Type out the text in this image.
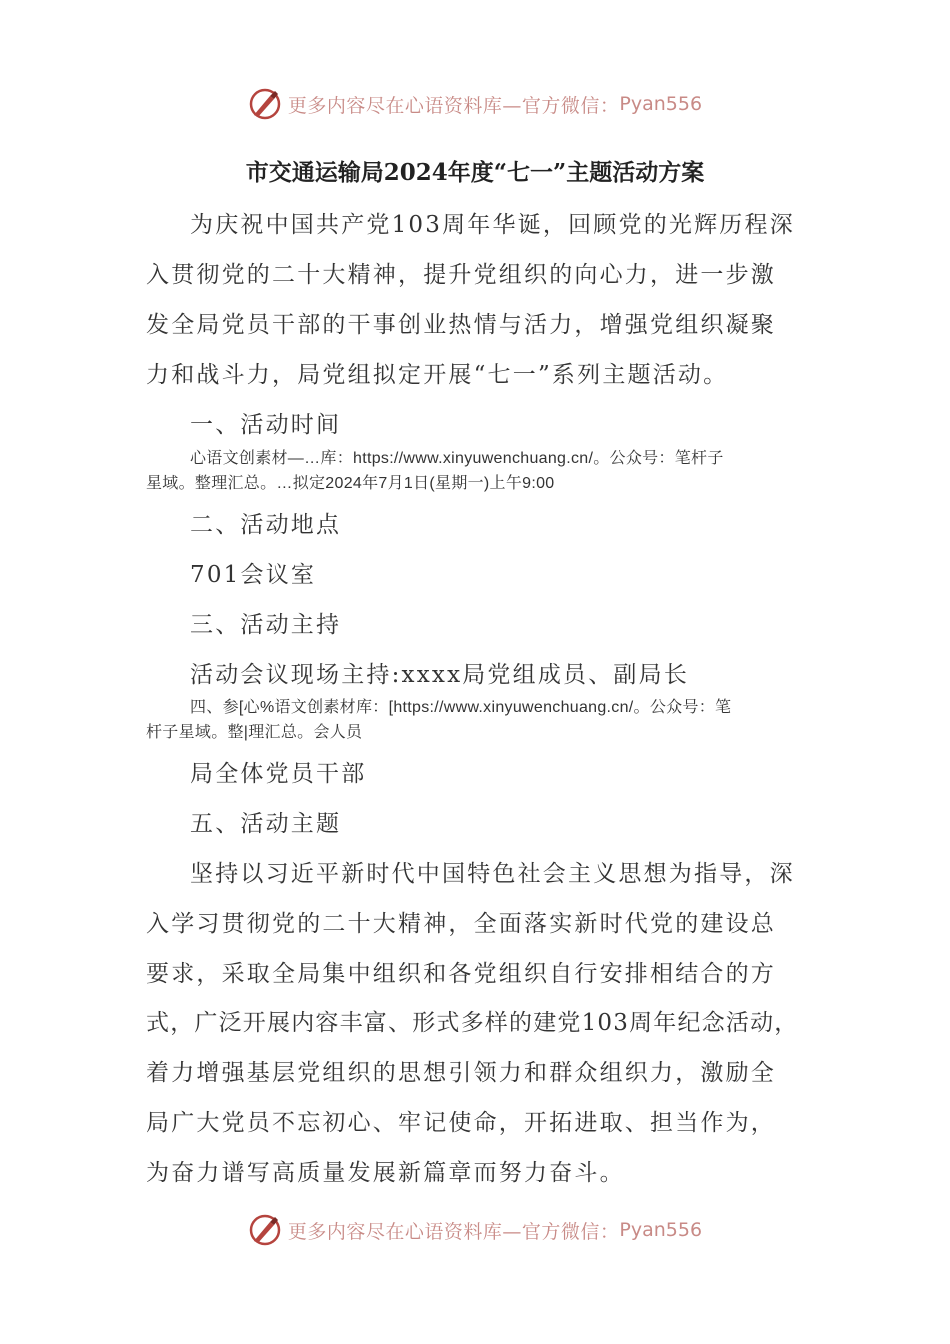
更多内容尽在心语资料库—官方微信： Pyan556
市交通运输局2024年度“七一”主题活动方案
为庆祝中国共产党103周年华诞，回顾党的光辉历程深
入贯彻党的二十大精神，提升党组织的向心力，进一步激
发全局党员干部的干事创业热情与活力，增强党组织凝聚
力和战斗力，局党组拟定开展“七一”系列主题活动。
一、活动时间
心语文创素材—…库：https://www.xinyuwenchuang.cn/。公众号：笔杆子
星域。整理汇总。…拟定2024年7月1日(星期一)上午9:00
二、活动地点
701会议室
三、活动主持
活动会议现场主持:xxxx局党组成员、副局长
四、参[心%语文创素材库：[https://www.xinyuwenchuang.cn/。公众号：笔
杆子星域。整|理汇总。会人员
局全体党员干部
五、活动主题
坚持以习近平新时代中国特色社会主义思想为指导，深
入学习贯彻党的二十大精神，全面落实新时代党的建设总
要求，采取全局集中组织和各党组织自行安排相结合的方
式，广泛开展内容丰富、形式多样的建党103周年纪念活动，
着力增强基层党组织的思想引领力和群众组织力，激励全
局广大党员不忘初心、牢记使命，开拓进取、担当作为，
为奋力谱写高质量发展新篇章而努力奋斗。
更多内容尽在心语资料库—官方微信： Pyan556
